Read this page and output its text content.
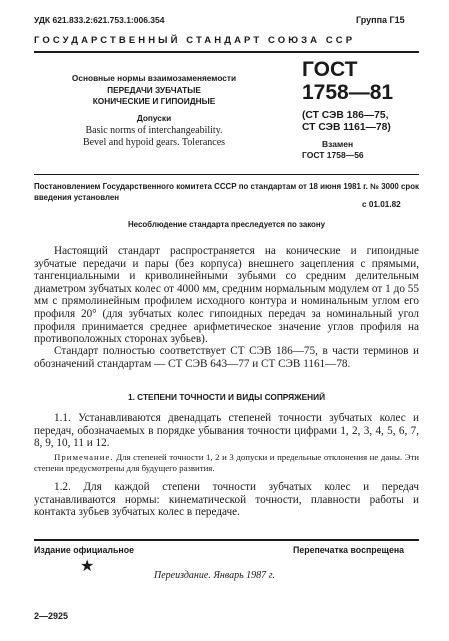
УДК 621.833.2:621.753.1:006.354	Группа Г15
ГОСУДАРСТВЕННЫЙ СТАНДАРТ СОЮЗА ССР
Основные нормы взаимозаменяемости
ПЕРЕДАЧИ ЗУБЧАТЫЕ
КОНИЧЕСКИЕ И ГИПОИДНЫЕ
Допуски
Basic norms of interchangeability.
Bevel and hypoid gears. Tolerances
ГОСТ
1758—81
(СТ СЭВ 186—75,
СТ СЭВ 1161—78)
Взамен
ГОСТ 1758—56
Постановлением Государственного комитета СССР по стандартам от 18 июня 1981 г. № 3000 срок введения установлен
с 01.01.82
Несоблюдение стандарта преследуется по закону

Настоящий стандарт распространяется на конические и гипоидные зубчатые передачи и пары (без корпуса) внешнего зацепления с прямыми, тангенциальными и криволинейными зубьями со средним делительным диаметром зубчатых колес от 4000 мм, средним нормальным модулем от 1 до 55 мм с прямолинейным профилем исходного контура и номинальным углом его профиля 20° (для зубчатых колес гипоидных передач за номинальный угол профиля принимается среднее арифметическое значение углов профиля на противоположных сторонах зубьев).

Стандарт полностью соответствует СТ СЭВ 186—75, в части терминов и обозначений стандартам — СТ СЭВ 643—77 и СТ СЭВ 1161—78.

1. СТЕПЕНИ ТОЧНОСТИ И ВИДЫ СОПРЯЖЕНИЙ

1.1. Устанавливаются двенадцать степеней точности зубчатых колес и передач, обозначаемых в порядке убывания точности цифрами 1, 2, 3, 4, 5, 6, 7, 8, 9, 10, 11 и 12.

Примечание. Для степеней точности 1, 2 и 3 допуски и предельные отклонения не даны. Эти степени предусмотрены для будущего развития.

1.2. Для каждой степени точности зубчатых колес и передач устанавливаются нормы: кинематической точности, плавности работы и контакта зубьев зубчатых колес в передаче.

Издание официальное	Перепечатка воспрещена
★
Переиздание. Январь 1987 г.
2—2925
